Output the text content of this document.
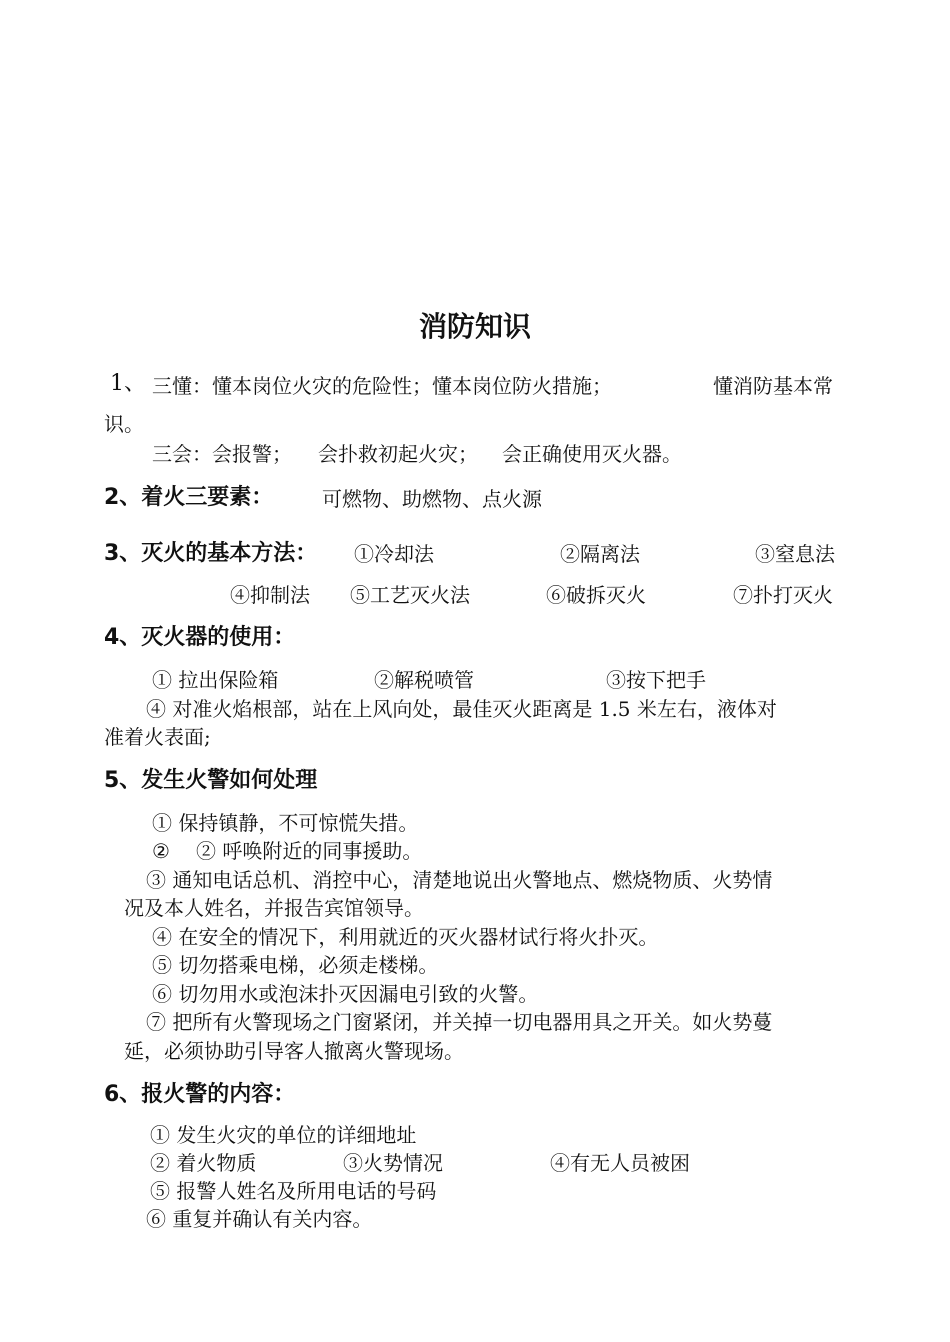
消防知识
1、 三懂：懂本岗位火灾的危险性；懂本岗位防火措施；	懂消防基本常
识。
三会：会报警； 会扑救初起火灾； 会正确使用灭火器。
2、着火三要素： 可燃物、助燃物、点火源
3、灭火的基本方法： ①冷却法	②隔离法	③窒息法
④抑制法 ⑤工艺灭火法	⑥破拆灭火	⑦扑打灭火
4、灭火器的使用：
① 拉出保险箱	②解税喷管	③按下把手
④ 对准火焰根部，站在上风向处，最佳灭火距离是 1.5 米左右，液体对
准着火表面;
5、发生火警如何处理
① 保持镇静，不可惊慌失措。
② ② 呼唤附近的同事援助。
③ 通知电话总机、消控中心，清楚地说出火警地点、燃烧物质、火势情
况及本人姓名，并报告宾馆领导。
④ 在安全的情况下，利用就近的灭火器材试行将火扑灭。
⑤ 切勿搭乘电梯，必须走楼梯。
⑥ 切勿用水或泡沫扑灭因漏电引致的火警。
⑦ 把所有火警现场之门窗紧闭，并关掉一切电器用具之开关。如火势蔓
延，必须协助引导客人撤离火警现场。
6、报火警的内容：
① 发生火灾的单位的详细地址
② 着火物质	③火势情况	④有无人员被困
⑤ 报警人姓名及所用电话的号码
⑥ 重复并确认有关内容。
